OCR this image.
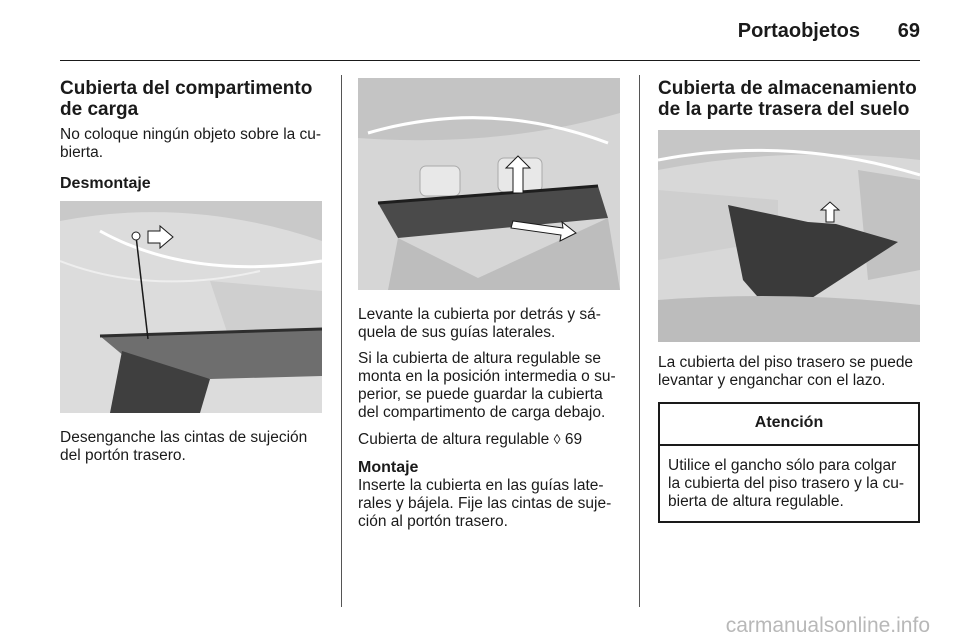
Portaobjetos	69
Cubierta del compartimento de carga

No coloque ningún objeto sobre la cu-bierta.

Desmontaje

Desenganche las cintas de sujeción del portón trasero.

Levante la cubierta por detrás y sá-quela de sus guías laterales.

Si la cubierta de altura regulable se monta en la posición intermedia o su-perior, se puede guardar la cubierta del compartimento de carga debajo.

Cubierta de altura regulable ◊ 69

Montaje

Inserte la cubierta en las guías late-rales y bájela. Fije las cintas de suje-ción al portón trasero.

Cubierta de almacenamiento de la parte trasera del suelo

La cubierta del piso trasero se puede levantar y enganchar con el lazo.

Atención
Utilice el gancho sólo para colgar la cubierta del piso trasero y la cu-bierta de altura regulable.
carmanualsonline.info
